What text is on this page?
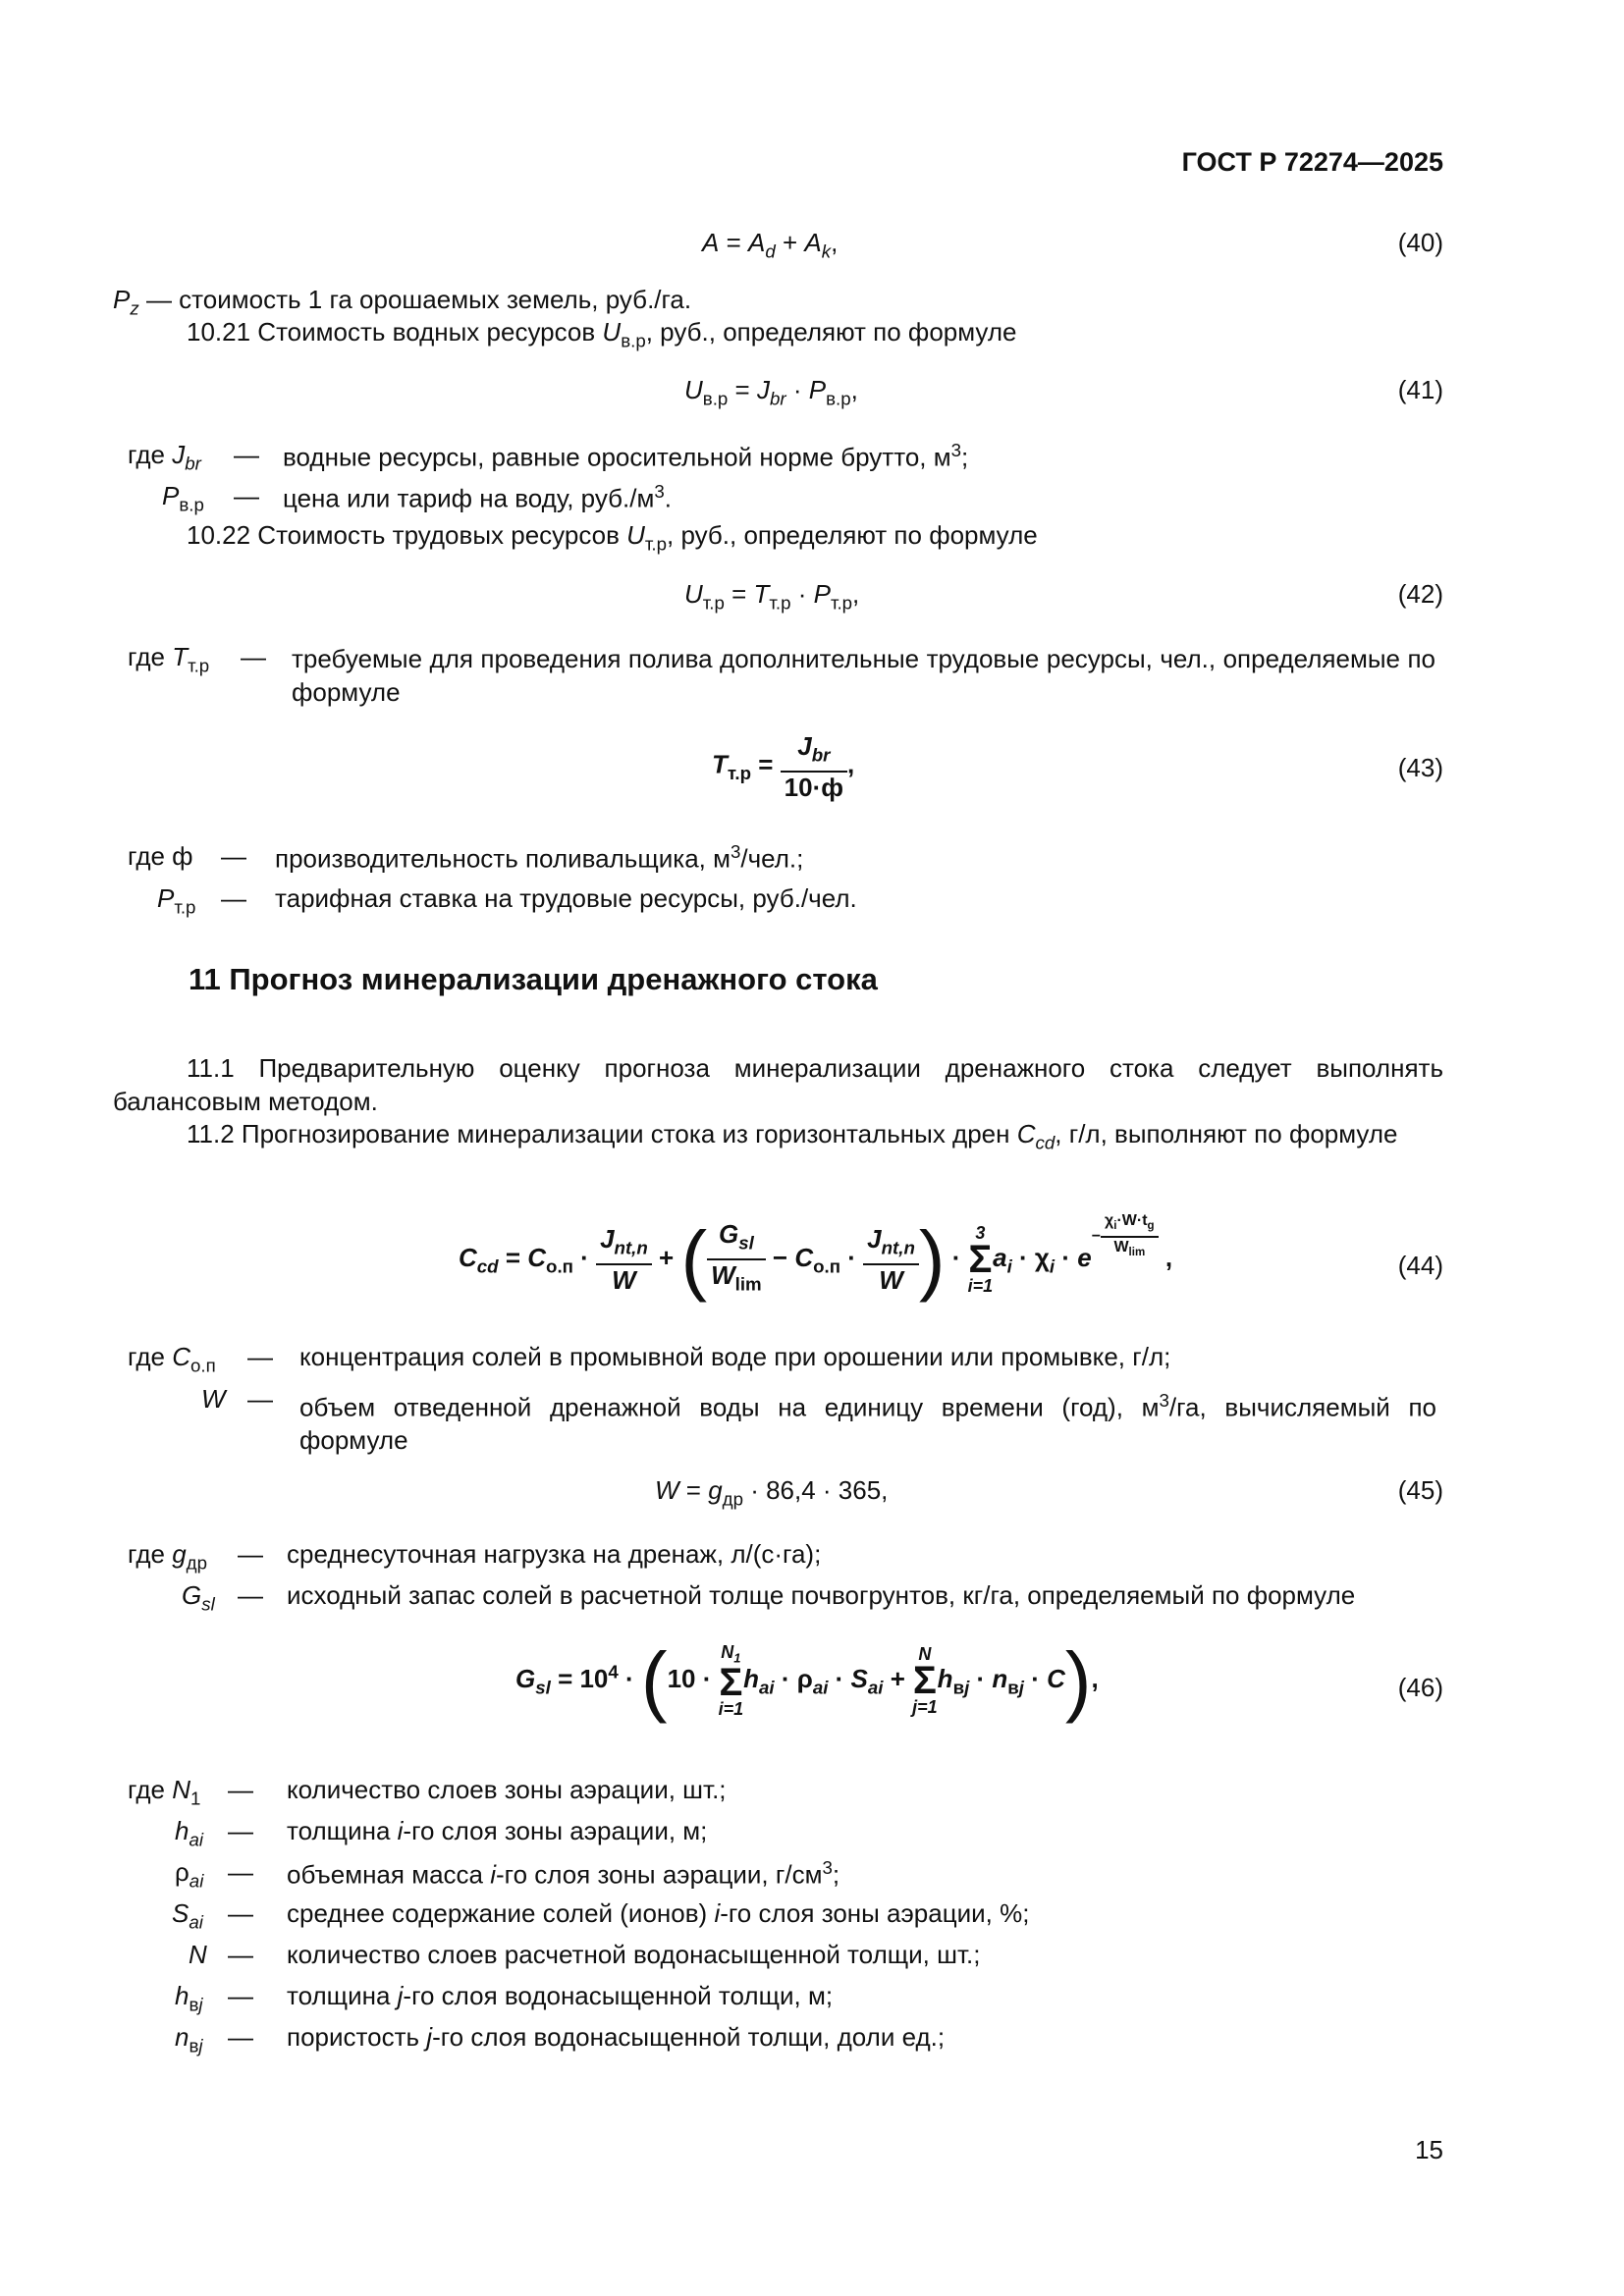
ГОСТ Р 72274—2025
$A = A_d + A_k$,	(40)
$P_z$ — стоимость 1 га орошаемых земель, руб./га.
10.21 Стоимость водных ресурсов $U_{в.р}$, руб., определяют по формуле
$U_{в.р} = J_{br} \cdot P_{в.р}$,	(41)
где $J_{br}$ — водные ресурсы, равные оросительной норме брутто, $м^3$;
$P_{в.р}$ — цена или тариф на воду, $руб./м^3$.
10.22 Стоимость трудовых ресурсов $U_{т.р}$, руб., определяют по формуле
$U_{т.р} = T_{т.р} \cdot P_{т.р}$,	(42)
где $T_{т.р}$ — требуемые для проведения полива дополнительные трудовые ресурсы, чел., определяемые по формуле
$T_{т.р} = \frac{J_{br}}{10\cdot ф}$ ,	(43)
где ф — производительность поливальщика, $м^3$/чел.;
$P_{т.р}$ — тарифная ставка на трудовые ресурсы, руб./чел.
11 Прогноз минерализации дренажного стока
11.1 Предварительную оценку прогноза минерализации дренажного стока следует выполнять балансовым методом.
11.2 Прогнозирование минерализации стока из горизонтальных дрен $C_{cd}$, г/л, выполняют по формуле
$C_{cd} = C_{о.п} \cdot \frac{J_{nt,n}}{W}$ + ( $\frac{G_{sl}}{W_{lim}} - C_{о.п} \cdot \frac{J_{nt,n}}{W}$ ) ·
3
Σ
i=1
$a_i \cdot \chi_i \cdot e^{- \frac{\chi_i\cdot W\cdot t_g}{W_{lim}}}$ ,	(44)
где $C_{о.п}$ — концентрация солей в промывной воде при орошении или промывке, г/л;
W — объем отведенной дренажной воды на единицу времени (год), $м^3/га$, вычисляемый по формуле
$W = g_{др} \cdot 86,4 \cdot 365$,	(45)
где $g_{др}$ — среднесуточная нагрузка на дренаж, л/(с·га);
$G_{sl}$ — исходный запас солей в расчетной толще почвогрунтов, кг/га, определяемый по формуле
$G_{sl} = 10^4 \cdot (10$ ·
$N_1$
Σ
i=1
$h_{ai} \cdot \rho_{ai} \cdot S_{ai}$ +
N
Σ
j=1
$h_{вj} \cdot n_{вj} \cdot C$),	(46)
где $N_1$ — количество слоев зоны аэрации, шт.;
$h_{ai}$ — толщина i-го слоя зоны аэрации, м;
$\rho_{ai}$ — объемная масса i-го слоя зоны аэрации, $г/см^3$;
$S_{ai}$ — среднее содержание солей (ионов) i-го слоя зоны аэрации, %;
N — количество слоев расчетной водонасыщенной толщи, шт.;
$h_{вj}$ — толщина j-го слоя водонасыщенной толщи, м;
$n_{вj}$ — пористость j-го слоя водонасыщенной толщи, доли ед.;
15
